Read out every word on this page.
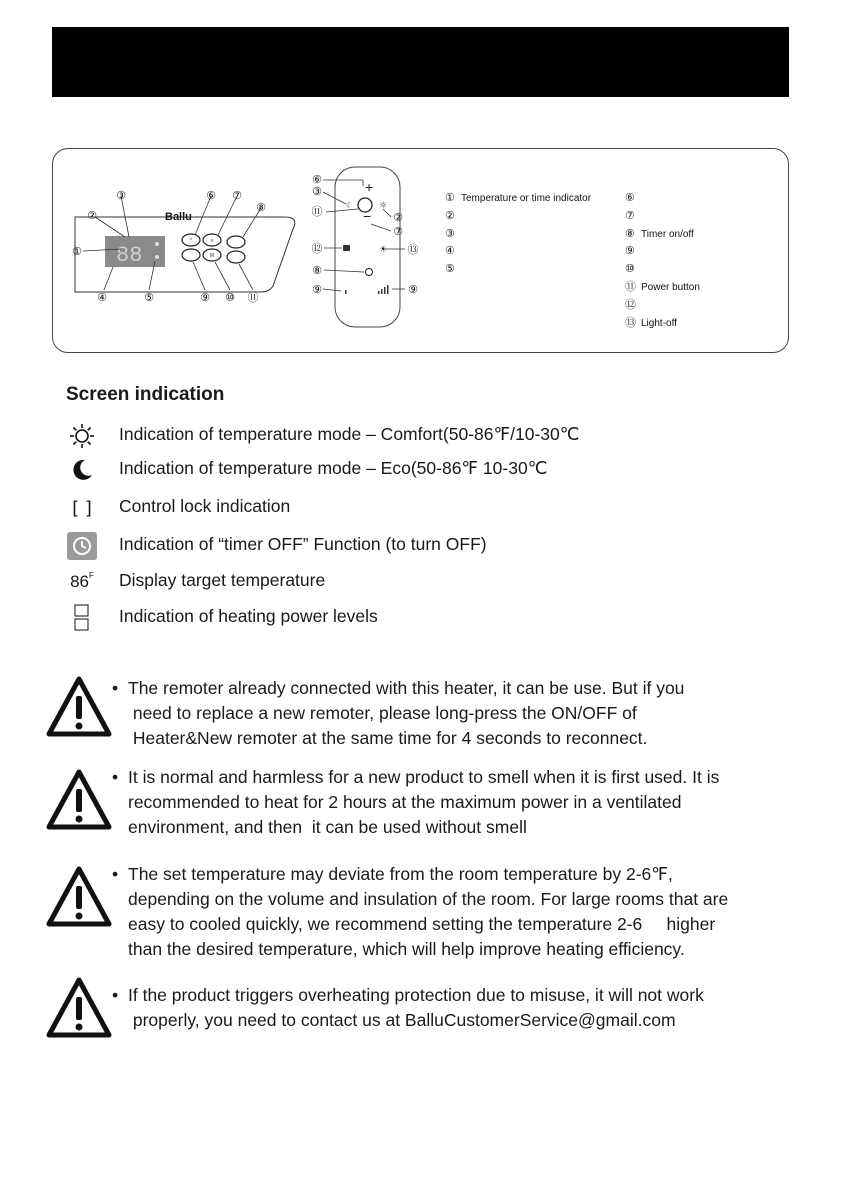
Ballu
88
^	v
M
①
②
③
④	⑤
⑥ ⑦
⑧
⑨ ⑩ ⑪
+
−
☾	☼
☀
⑥
③
⑪	②
⑦
⑫	⑬
⑧
⑨	⑨
① Temperature or time indicator
②
③
④
⑤
⑥
⑦
⑧ Timer on/off
⑨
⑩
⑪ Power button
⑫
⑬ Light-off
Screen indication
Indication of temperature mode – Comfort(50-86℉/10-30℃
Indication of temperature mode – Eco(50-86℉ 10-30℃
[ ] Control lock indication
Indication of “timer OFF” Function (to turn OFF)
$86^F$ Display target temperature
Indication of heating power levels
• The remoter already connected with this heater, it can be use. But if you
need to replace a new remoter, please long-press the ON/OFF of
Heater&New remoter at the same time for 4 seconds to reconnect.
• It is normal and harmless for a new product to smell when it is first used. It is
recommended to heat for 2 hours at the maximum power in a ventilated
environment, and then  it can be used without smell
• The set temperature may deviate from the room temperature by 2-6℉,
depending on the volume and insulation of the room. For large rooms that are
easy to cooled quickly, we recommend setting the temperature 2-6     higher
than the desired temperature, which will help improve heating efficiency.
• If the product triggers overheating protection due to misuse, it will not work
properly, you need to contact us at BalluCustomerService@gmail.com
